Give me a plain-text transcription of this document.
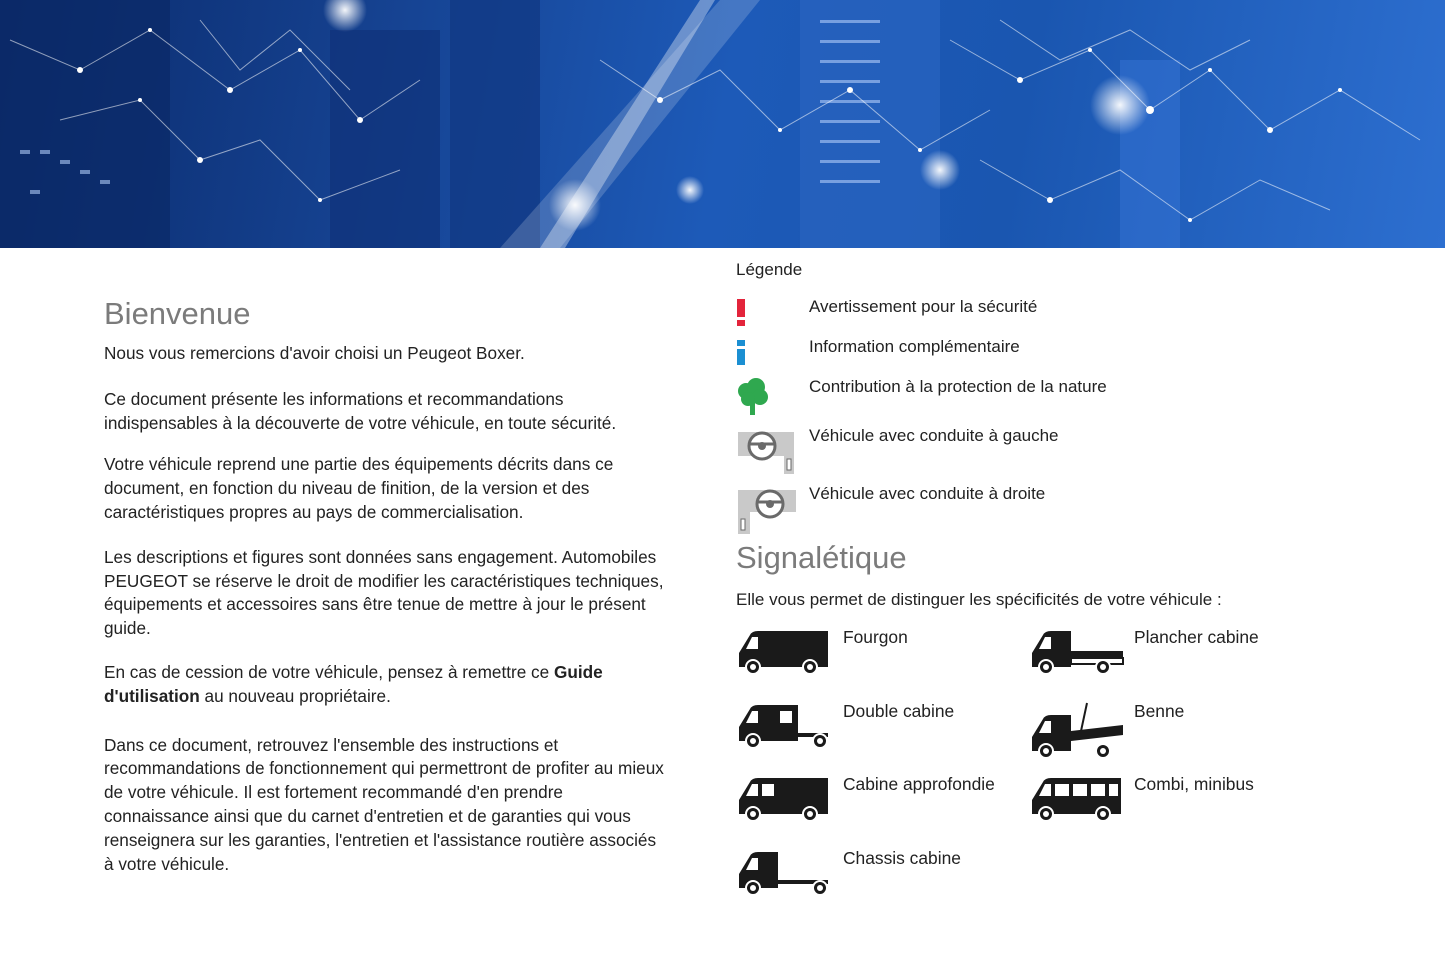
Bienvenue

Nous vous remercions d'avoir choisi un Peugeot Boxer.

Ce document présente les informations et recommandations indispensables à la découverte de votre véhicule, en toute sécurité.

Votre véhicule reprend une partie des équipements décrits dans ce document, en fonction du niveau de finition, de la version et des caractéristiques propres au pays de commercialisation.

Les descriptions et figures sont données sans engagement. Automobiles PEUGEOT se réserve le droit de modifier les caractéristiques techniques, équipements et accessoires sans être tenue de mettre à jour le présent guide.

En cas de cession de votre véhicule, pensez à remettre ce Guide d'utilisation au nouveau propriétaire.

Dans ce document, retrouvez l'ensemble des instructions et recommandations de fonctionnement qui permettront de profiter au mieux de votre véhicule. Il est fortement recommandé d'en prendre connaissance ainsi que du carnet d'entretien et de garanties qui vous renseignera sur les garanties, l'entretien et l'assistance routière associés à votre véhicule.

Légende
Avertissement pour la sécurité
Information complémentaire
Contribution à la protection de la nature
Véhicule avec conduite à gauche
Véhicule avec conduite à droite
Signalétique
Elle vous permet de distinguer les spécificités de votre véhicule :
Fourgon	Plancher cabine
Double cabine	Benne
Cabine approfondie	Combi, minibus
Chassis cabine
